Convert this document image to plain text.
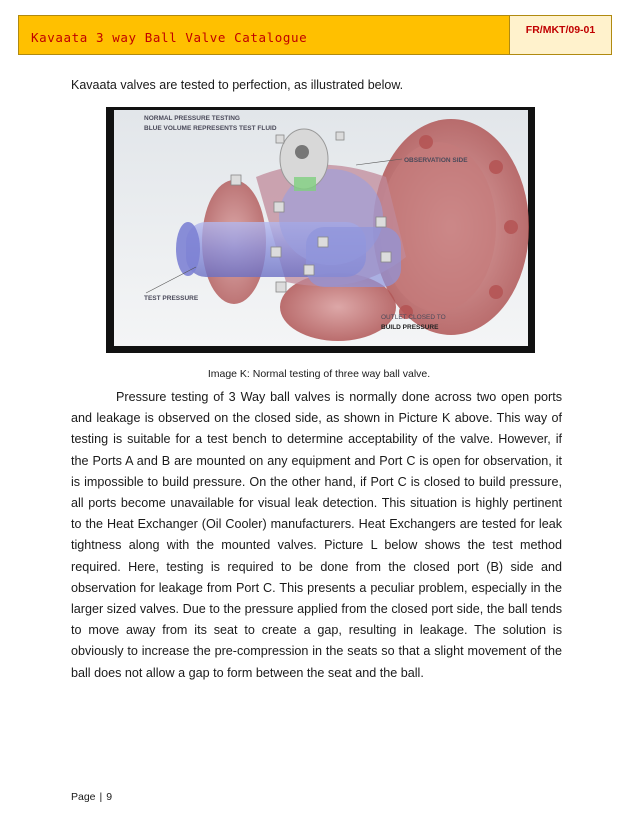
Kavaata 3 way Ball Valve Catalogue	FR/MKT/09-01
Kavaata valves are tested to perfection, as illustrated below.
NORMAL PRESSURE TESTING
BLUE VOLUME REPRESENTS TEST FLUID
OBSERVATION SIDE
TEST PRESSURE
OUTLET CLOSED TO
BUILD PRESSURE
Image K: Normal testing of three way ball valve.

Pressure testing of 3 Way ball valves is normally done across two open ports and leakage is observed on the closed side, as shown in Picture K above. This way of testing is suitable for a test bench to determine acceptability of the valve. However, if the Ports A and B are mounted on any equipment and Port C is open for observation, it is impossible to build pressure. On the other hand, if Port C is closed to build pressure, all ports become unavailable for visual leak detection. This situation is highly pertinent to the Heat Exchanger (Oil Cooler) manufacturers. Heat Exchangers are tested for leak tightness along with the mounted valves. Picture L below shows the test method required. Here, testing is required to be done from the closed port (B) side and observation for leakage from Port C. This presents a peculiar problem, especially in the larger sized valves. Due to the pressure applied from the closed port side, the ball tends to move away from its seat to create a gap, resulting in leakage. The solution is obviously to increase the pre-compression in the seats so that a slight movement of the ball does not allow a gap to form between the seat and the ball.

Page | 9
